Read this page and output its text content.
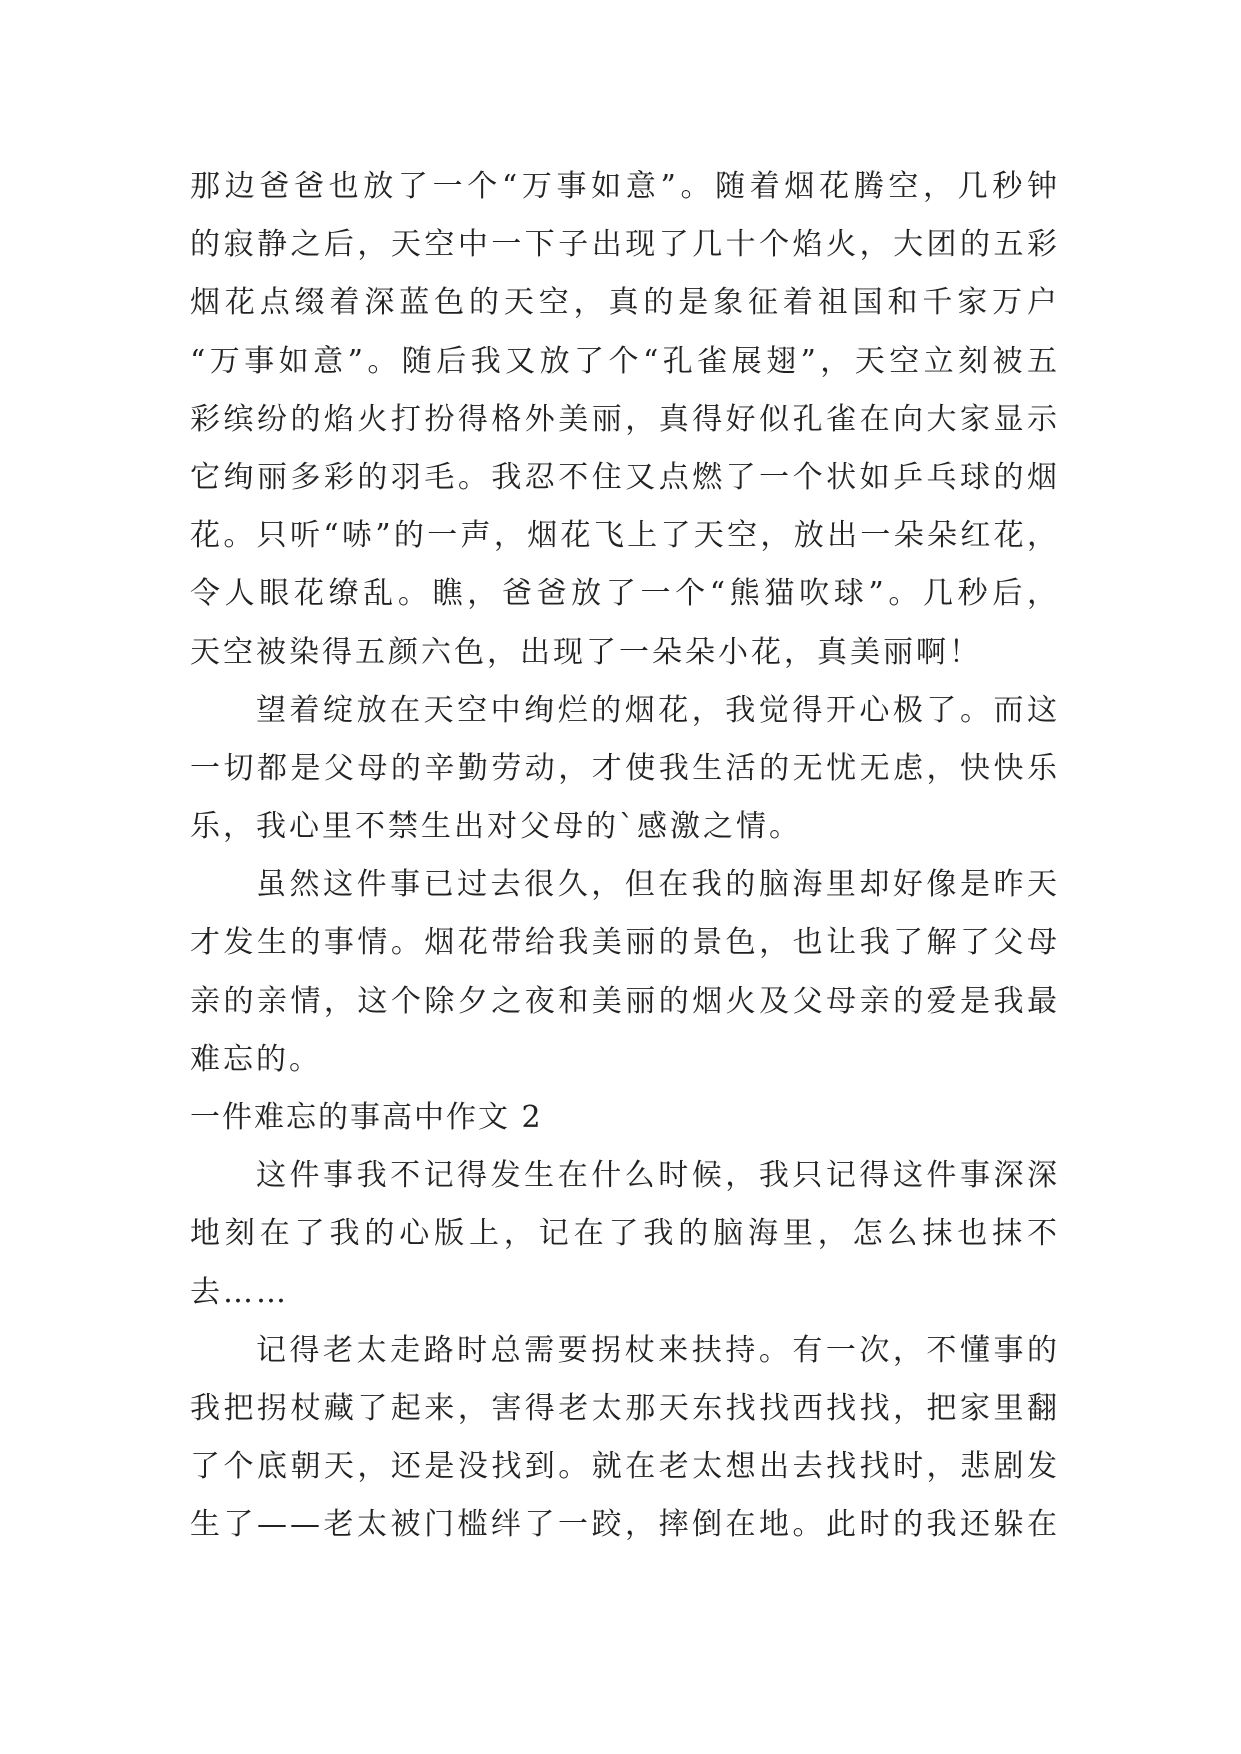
那边爸爸也放了一个“万事如意”。随着烟花腾空，几秒钟
的寂静之后，天空中一下子出现了几十个焰火，大团的五彩
烟花点缀着深蓝色的天空，真的是象征着祖国和千家万户
“万事如意”。随后我又放了个“孔雀展翅”，天空立刻被五
彩缤纷的焰火打扮得格外美丽，真得好似孔雀在向大家显示
它绚丽多彩的羽毛。我忍不住又点燃了一个状如乒乓球的烟
花。只听“哧”的一声，烟花飞上了天空，放出一朵朵红花，
令人眼花缭乱。瞧，爸爸放了一个“熊猫吹球”。几秒后，
天空被染得五颜六色，出现了一朵朵小花，真美丽啊！
望着绽放在天空中绚烂的烟花，我觉得开心极了。而这
一切都是父母的辛勤劳动，才使我生活的无忧无虑，快快乐
乐，我心里不禁生出对父母的`感激之情。
虽然这件事已过去很久，但在我的脑海里却好像是昨天
才发生的事情。烟花带给我美丽的景色，也让我了解了父母
亲的亲情，这个除夕之夜和美丽的烟火及父母亲的爱是我最
难忘的。
一件难忘的事高中作文 2
这件事我不记得发生在什么时候，我只记得这件事深深
地刻在了我的心版上，记在了我的脑海里，怎么抹也抹不
去……
记得老太走路时总需要拐杖来扶持。有一次，不懂事的
我把拐杖藏了起来，害得老太那天东找找西找找，把家里翻
了个底朝天，还是没找到。就在老太想出去找找时，悲剧发
生了——老太被门槛绊了一跤，摔倒在地。此时的我还躲在
